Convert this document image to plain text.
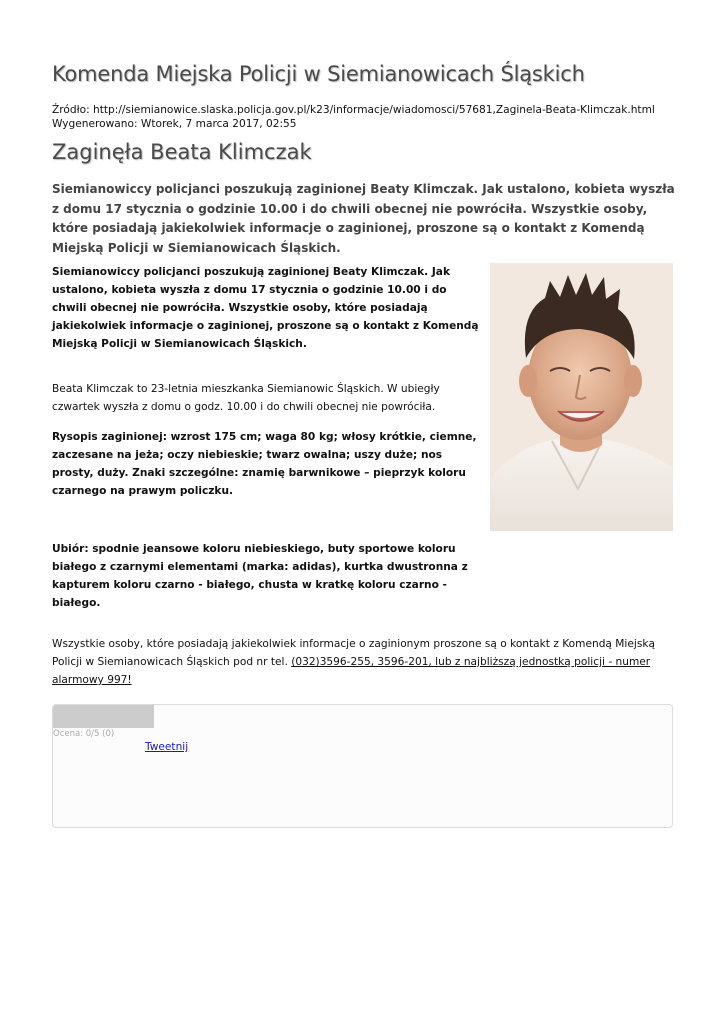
Komenda Miejska Policji w Siemianowicach Śląskich
Źródło: http://siemianowice.slaska.policja.gov.pl/k23/informacje/wiadomosci/57681,Zaginela-Beata-Klimczak.html
Wygenerowano: Wtorek, 7 marca 2017, 02:55
Zaginęła Beata Klimczak

Siemianowiccy policjanci poszukują zaginionej Beaty Klimczak. Jak ustalono, kobieta wyszła z domu 17 stycznia o godzinie 10.00 i do chwili obecnej nie powróciła. Wszystkie osoby, które posiadają jakiekolwiek informacje o zaginionej, proszone są o kontakt z Komendą Miejską Policji w Siemianowicach Śląskich.

Siemianowiccy policjanci poszukują zaginionej Beaty Klimczak. Jak ustalono, kobieta wyszła z domu 17 stycznia o godzinie 10.00 i do chwili obecnej nie powróciła. Wszystkie osoby, które posiadają jakiekolwiek informacje o zaginionej, proszone są o kontakt z Komendą Miejską Policji w Siemianowicach Śląskich.

Beata Klimczak to 23-letnia mieszkanka Siemianowic Śląskich. W ubiegły czwartek wyszła z domu o godz. 10.00 i do chwili obecnej nie powróciła.

Rysopis zaginionej: wzrost 175 cm; waga 80 kg; włosy krótkie, ciemne, zaczesane na jeża; oczy niebieskie; twarz owalna; uszy duże; nos prosty, duży. Znaki szczególne: znamię barwnikowe – pieprzyk koloru czarnego na prawym policzku.

Ubiór: spodnie jeansowe koloru niebieskiego, buty sportowe koloru białego z czarnymi elementami (marka: adidas), kurtka dwustronna z kapturem koloru czarno - białego, chusta w kratkę koloru czarno - białego.

Wszystkie osoby, które posiadają jakiekolwiek informacje o zaginionym proszone są o kontakt z Komendą Miejską Policji w Siemianowicach Śląskich pod nr tel. (032)3596-255, 3596-201, lub z najbliższą jednostką policji - numer alarmowy 997!

Ocena: 0/5 (0)
Tweetnij
